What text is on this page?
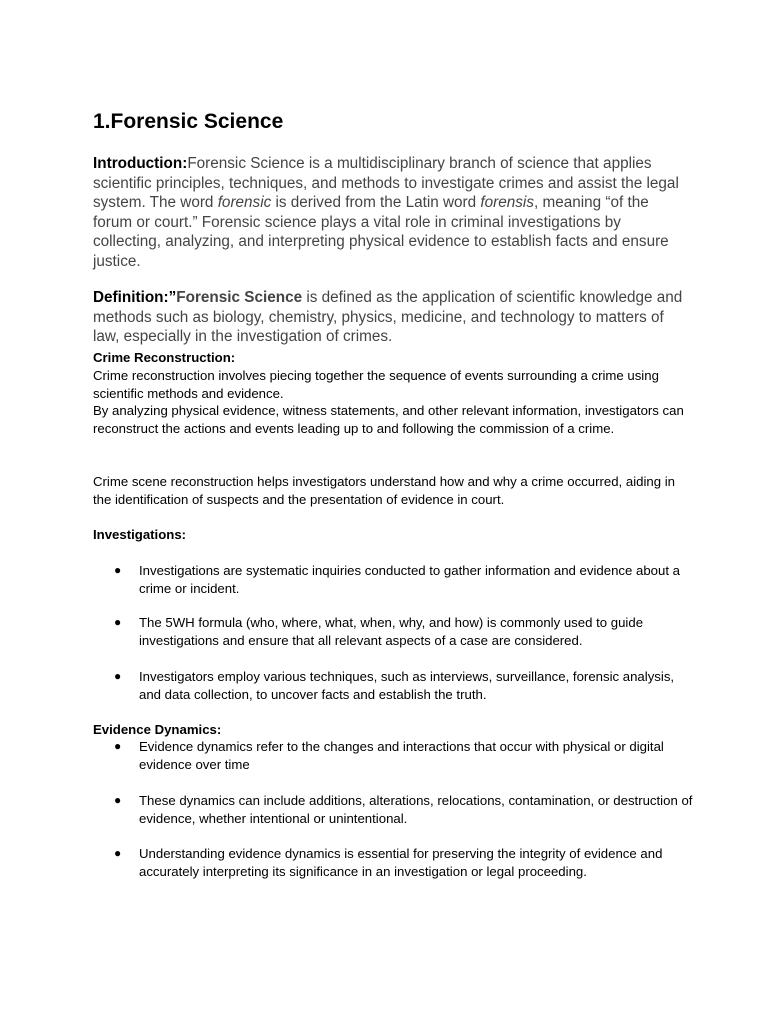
1.Forensic Science

Introduction:Forensic Science is a multidisciplinary branch of science that applies scientific principles, techniques, and methods to investigate crimes and assist the legal system. The word forensic is derived from the Latin word forensis, meaning “of the forum or court.” Forensic science plays a vital role in criminal investigations by collecting, analyzing, and interpreting physical evidence to establish facts and ensure justice.

Definition:”Forensic Science is defined as the application of scientific knowledge and methods such as biology, chemistry, physics, medicine, and technology to matters of law, especially in the investigation of crimes.

Crime Reconstruction:

Crime reconstruction involves piecing together the sequence of events surrounding a crime using scientific methods and evidence.

By analyzing physical evidence, witness statements, and other relevant information, investigators can reconstruct the actions and events leading up to and following the commission of a crime.

Crime scene reconstruction helps investigators understand how and why a crime occurred, aiding in the identification of suspects and the presentation of evidence in court.

Investigations:
● Investigations are systematic inquiries conducted to gather information and evidence about a crime or incident.
● The 5WH formula (who, where, what, when, why, and how) is commonly used to guide investigations and ensure that all relevant aspects of a case are considered.
● Investigators employ various techniques, such as interviews, surveillance, forensic analysis, and data collection, to uncover facts and establish the truth.
Evidence Dynamics:
● Evidence dynamics refer to the changes and interactions that occur with physical or digital evidence over time
● These dynamics can include additions, alterations, relocations, contamination, or destruction of evidence, whether intentional or unintentional.
● Understanding evidence dynamics is essential for preserving the integrity of evidence and accurately interpreting its significance in an investigation or legal proceeding.
